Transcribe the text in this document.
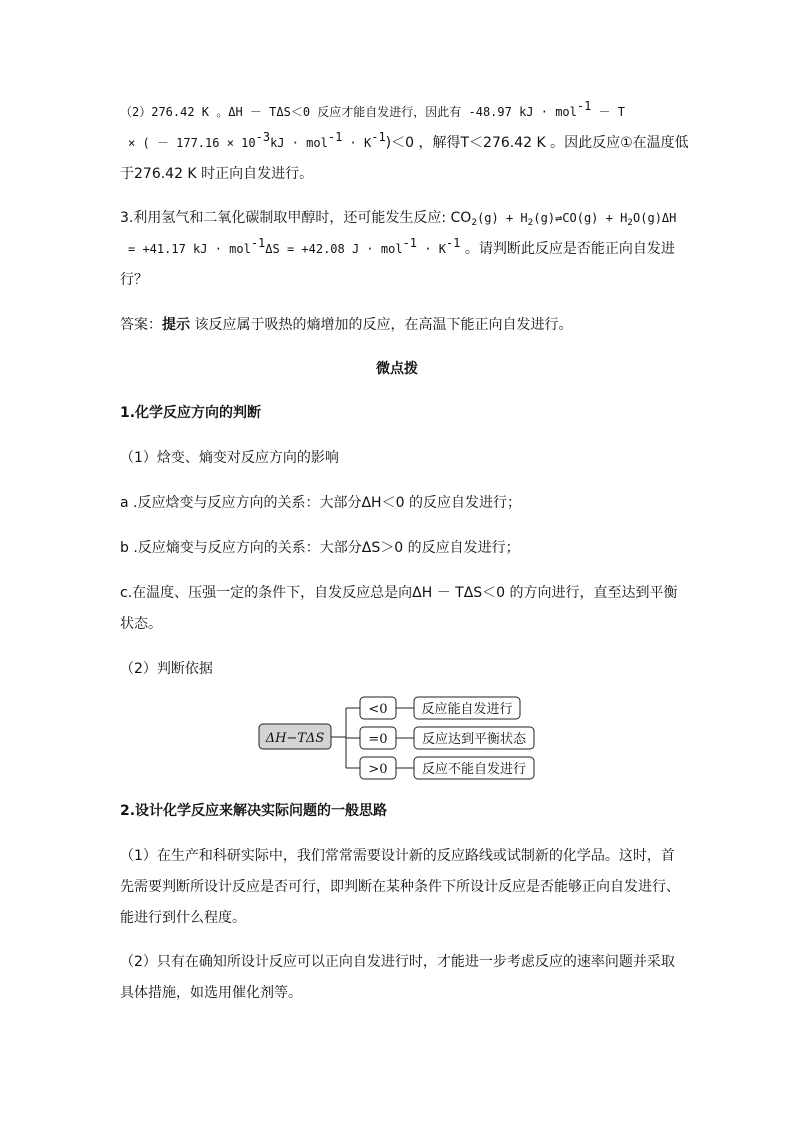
（2）276.42 K 。ΔH － TΔS＜0 反应才能自发进行，因此有 -48.97 kJ · mol$^{-1}$ － T
× ( － $177.16 \times 10^{-3}kJ \cdot mol^{-1} \cdot K^{-1})<0$ ，解得T＜276.42 K 。因此反应①在温度低
于276.42 K 时正向自发进行。
3.利用氢气和二氧化碳制取甲醇时，还可能发生反应: $CO_2(g)$ + $H_2(g)\rightleftharpoons CO(g) + H_2O(g)\Delta H$
= +41.17 kJ · mol$^{-1}$ΔS = +42.08 $J \cdot mol^{-1} \cdot K^{-1}$ 。请判断此反应是否能正向自发进
行？
答案：提示 该反应属于吸热的熵增加的反应，在高温下能正向自发进行。
微点拨
1.化学反应方向的判断
（1）焓变、熵变对反应方向的影响
a .反应焓变与反应方向的关系：大部分ΔH＜0 的反应自发进行；
b .反应熵变与反应方向的关系：大部分ΔS＞0 的反应自发进行；
c.在温度、压强一定的条件下，自发反应总是向ΔH － TΔS＜0 的方向进行，直至达到平衡
状态。
（2）判断依据
ΔH−TΔS
<0	反应能自发进行
=0	反应达到平衡状态
>0	反应不能自发进行
2.设计化学反应来解决实际问题的一般思路
（1）在生产和科研实际中，我们常常需要设计新的反应路线或试制新的化学品。这时，首
先需要判断所设计反应是否可行，即判断在某种条件下所设计反应是否能够正向自发进行、
能进行到什么程度。
（2）只有在确知所设计反应可以正向自发进行时，才能进一步考虑反应的速率问题并采取
具体措施，如选用催化剂等。
